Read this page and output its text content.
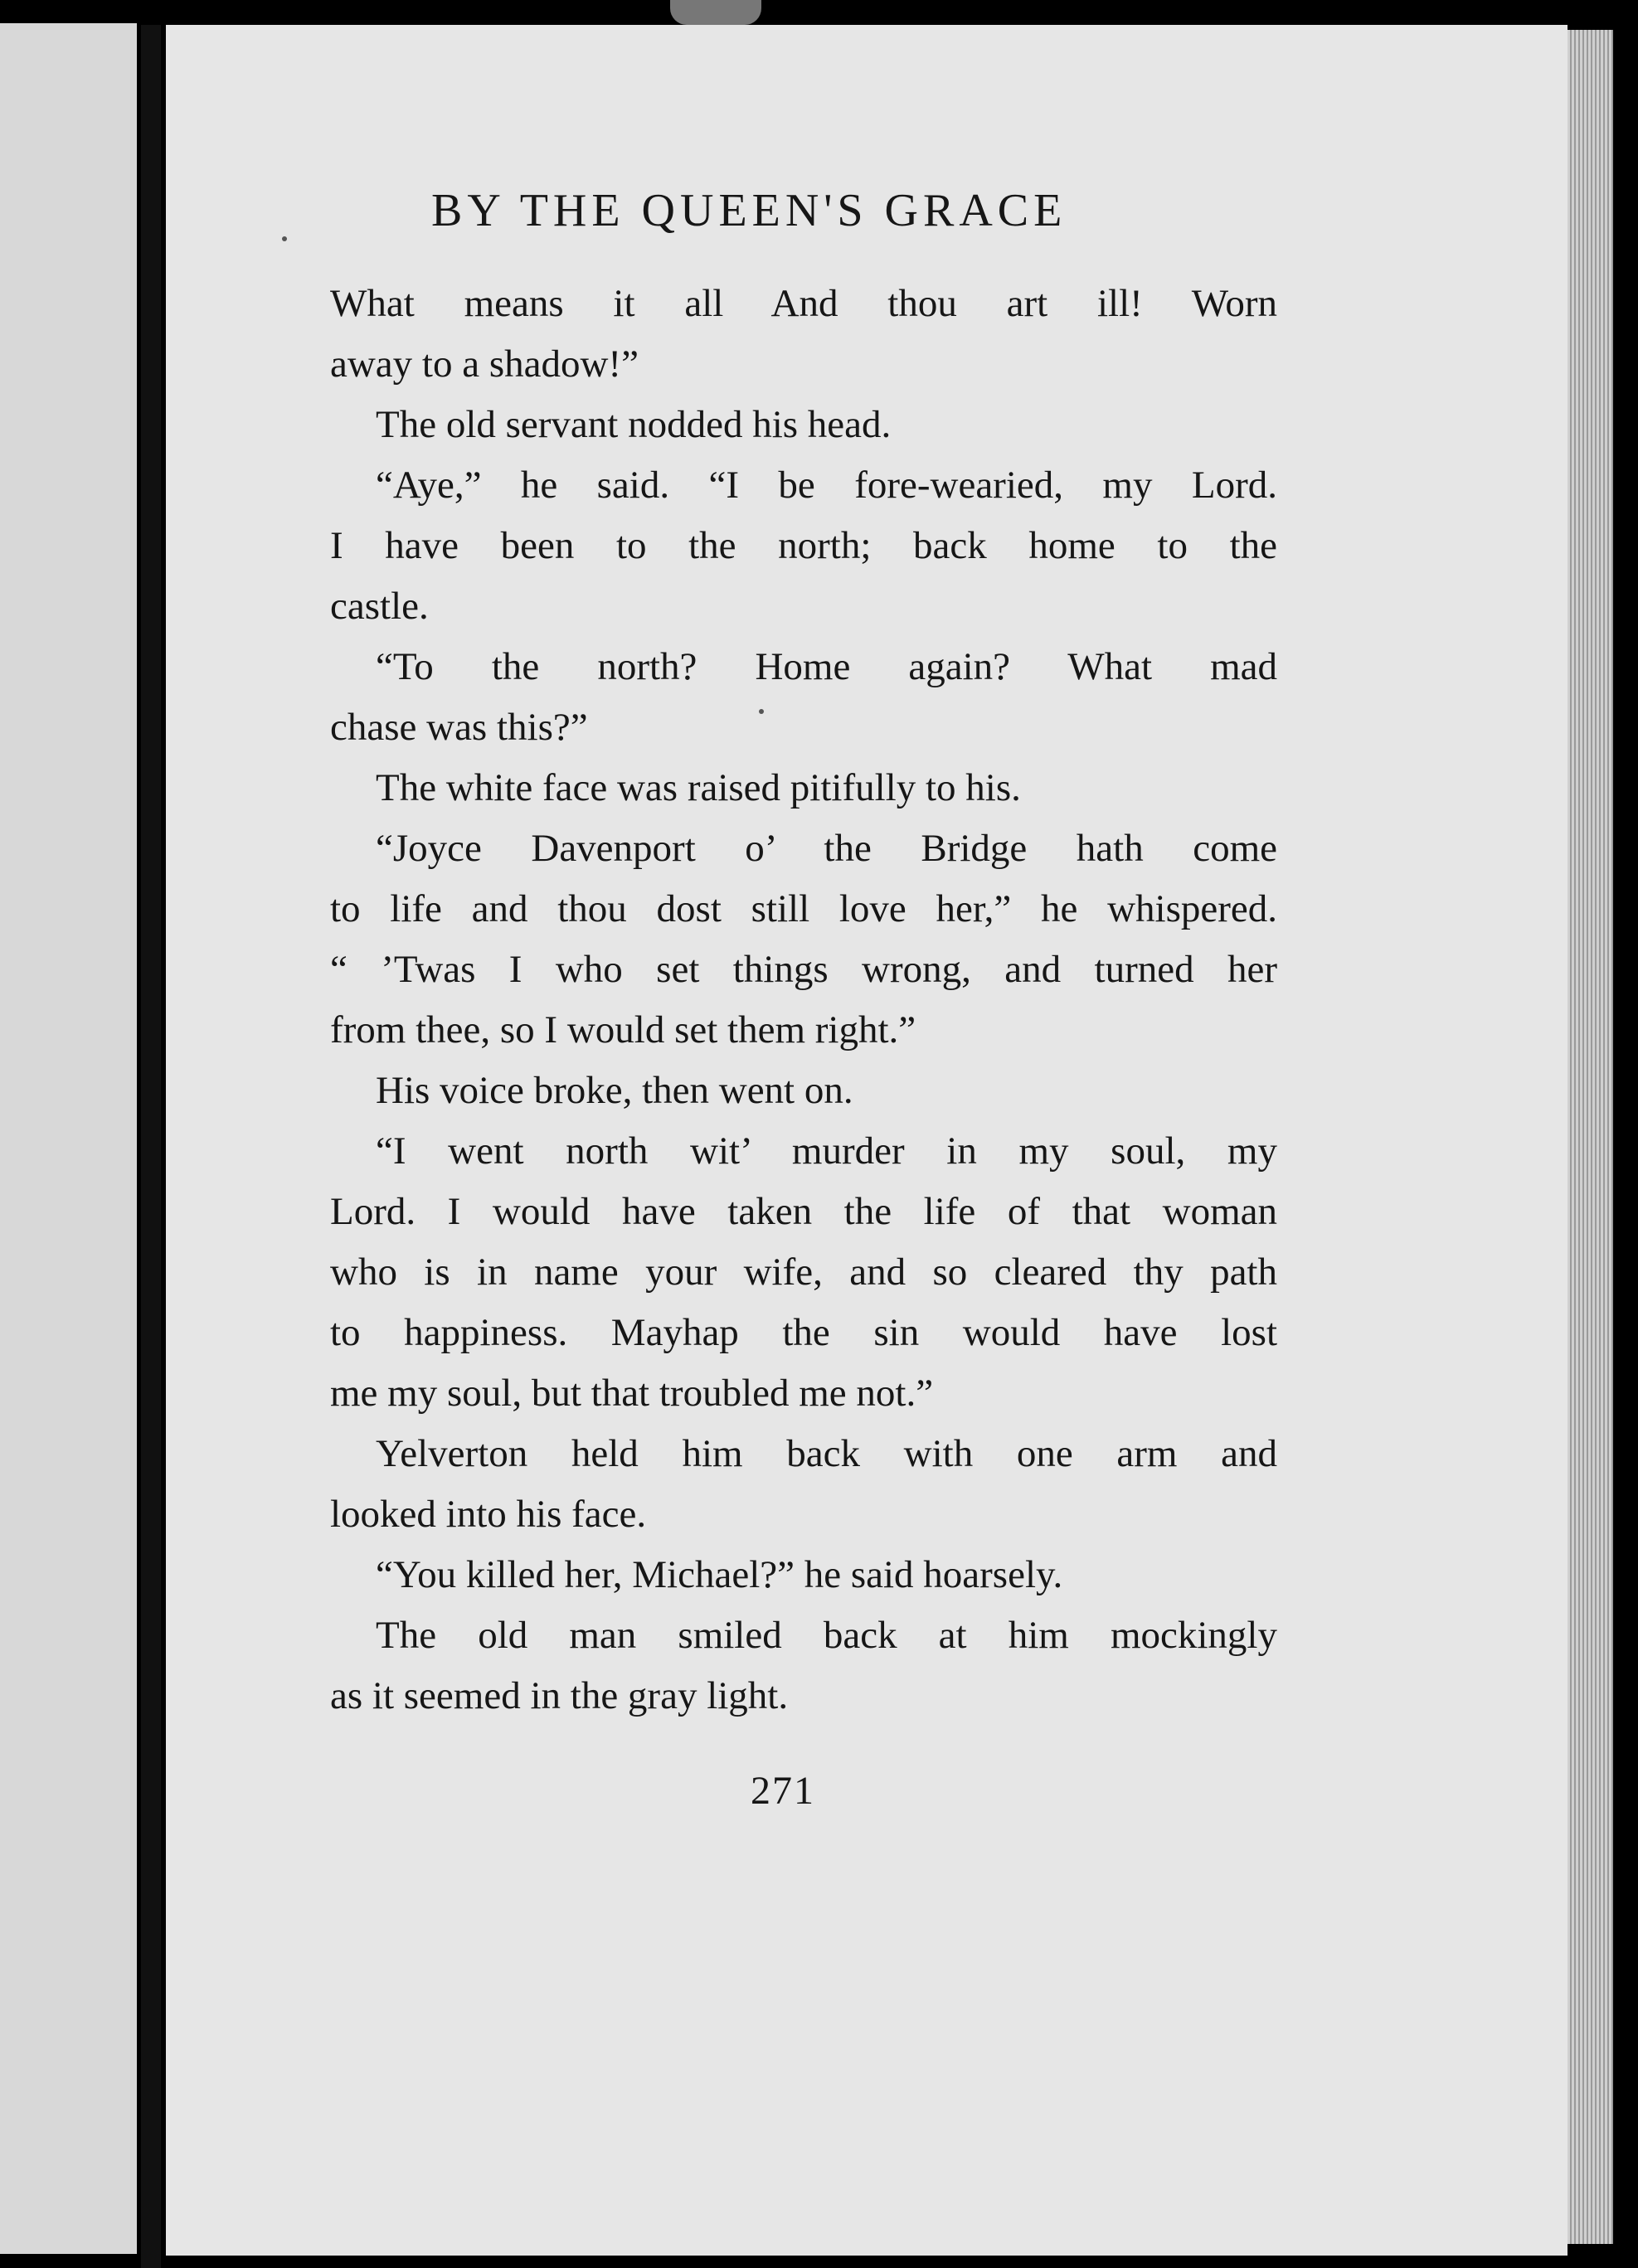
BY THE QUEEN'S GRACE
What means it all And thou art ill! Worn
away to a shadow!”
The old servant nodded his head.
“Aye,” he said. “I be fore-wearied, my Lord.
I have been to the north; back home to the
castle.
“To the north? Home again? What mad
chase was this?”
The white face was raised pitifully to his.
“Joyce Davenport o’ the Bridge hath come
to life and thou dost still love her,” he whispered.
“ ’Twas I who set things wrong, and turned her
from thee, so I would set them right.”
His voice broke, then went on.
“I went north wit’ murder in my soul, my
Lord. I would have taken the life of that woman
who is in name your wife, and so cleared thy path
to happiness. Mayhap the sin would have lost
me my soul, but that troubled me not.”
Yelverton held him back with one arm and
looked into his face.
“You killed her, Michael?” he said hoarsely.
The old man smiled back at him mockingly
as it seemed in the gray light.
271
